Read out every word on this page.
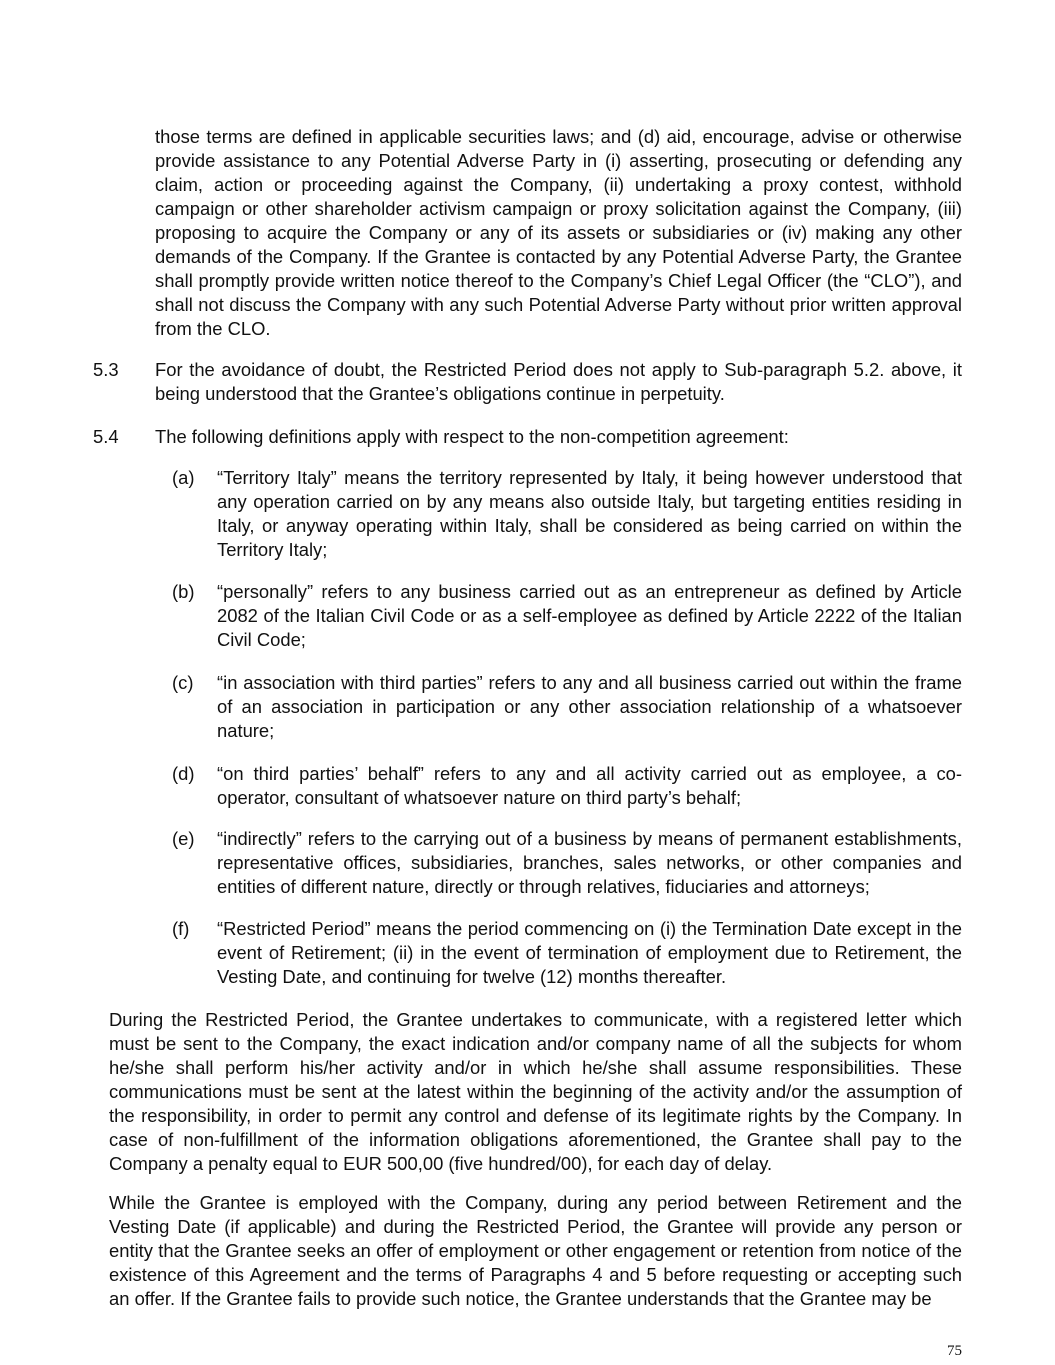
those terms are defined in applicable securities laws; and (d) aid, encourage, advise or otherwise provide assistance to any Potential Adverse Party in (i) asserting, prosecuting or defending any claim, action or proceeding against the Company, (ii) undertaking a proxy contest, withhold campaign or other shareholder activism campaign or proxy solicitation against the Company, (iii) proposing to acquire the Company or any of its assets or subsidiaries or (iv) making any other demands of the Company. If the Grantee is contacted by any Potential Adverse Party, the Grantee shall promptly provide written notice thereof to the Company’s Chief Legal Officer (the “CLO”), and shall not discuss the Company with any such Potential Adverse Party without prior written approval from the CLO.
5.3 For the avoidance of doubt, the Restricted Period does not apply to Sub-paragraph 5.2. above, it being understood that the Grantee’s obligations continue in perpetuity.
5.4 The following definitions apply with respect to the non-competition agreement:
(a) “Territory Italy” means the territory represented by Italy, it being however understood that any operation carried on by any means also outside Italy, but targeting entities residing in Italy, or anyway operating within Italy, shall be considered as being carried on within the Territory Italy;
(b) “personally” refers to any business carried out as an entrepreneur as defined by Article 2082 of the Italian Civil Code or as a self-employee as defined by Article 2222 of the Italian Civil Code;
(c) “in association with third parties” refers to any and all business carried out within the frame of an association in participation or any other association relationship of a whatsoever nature;
(d) “on third parties’ behalf” refers to any and all activity carried out as employee, a co-operator, consultant of whatsoever nature on third party’s behalf;
(e) “indirectly” refers to the carrying out of a business by means of permanent establishments, representative offices, subsidiaries, branches, sales networks, or other companies and entities of different nature, directly or through relatives, fiduciaries and attorneys;
(f) “Restricted Period” means the period commencing on (i) the Termination Date except in the event of Retirement; (ii) in the event of termination of employment due to Retirement, the Vesting Date, and continuing for twelve (12) months thereafter.
During the Restricted Period, the Grantee undertakes to communicate, with a registered letter which must be sent to the Company, the exact indication and/or company name of all the subjects for whom he/she shall perform his/her activity and/or in which he/she shall assume responsibilities. These communications must be sent at the latest within the beginning of the activity and/or the assumption of the responsibility, in order to permit any control and defense of its legitimate rights by the Company. In case of non-fulfillment of the information obligations aforementioned, the Grantee shall pay to the Company a penalty equal to EUR 500,00 (five hundred/00), for each day of delay.
While the Grantee is employed with the Company, during any period between Retirement and the Vesting Date (if applicable) and during the Restricted Period, the Grantee will provide any person or entity that the Grantee seeks an offer of employment or other engagement or retention from notice of the existence of this Agreement and the terms of Paragraphs 4 and 5 before requesting or accepting such an offer. If the Grantee fails to provide such notice, the Grantee understands that the Grantee may be
75
